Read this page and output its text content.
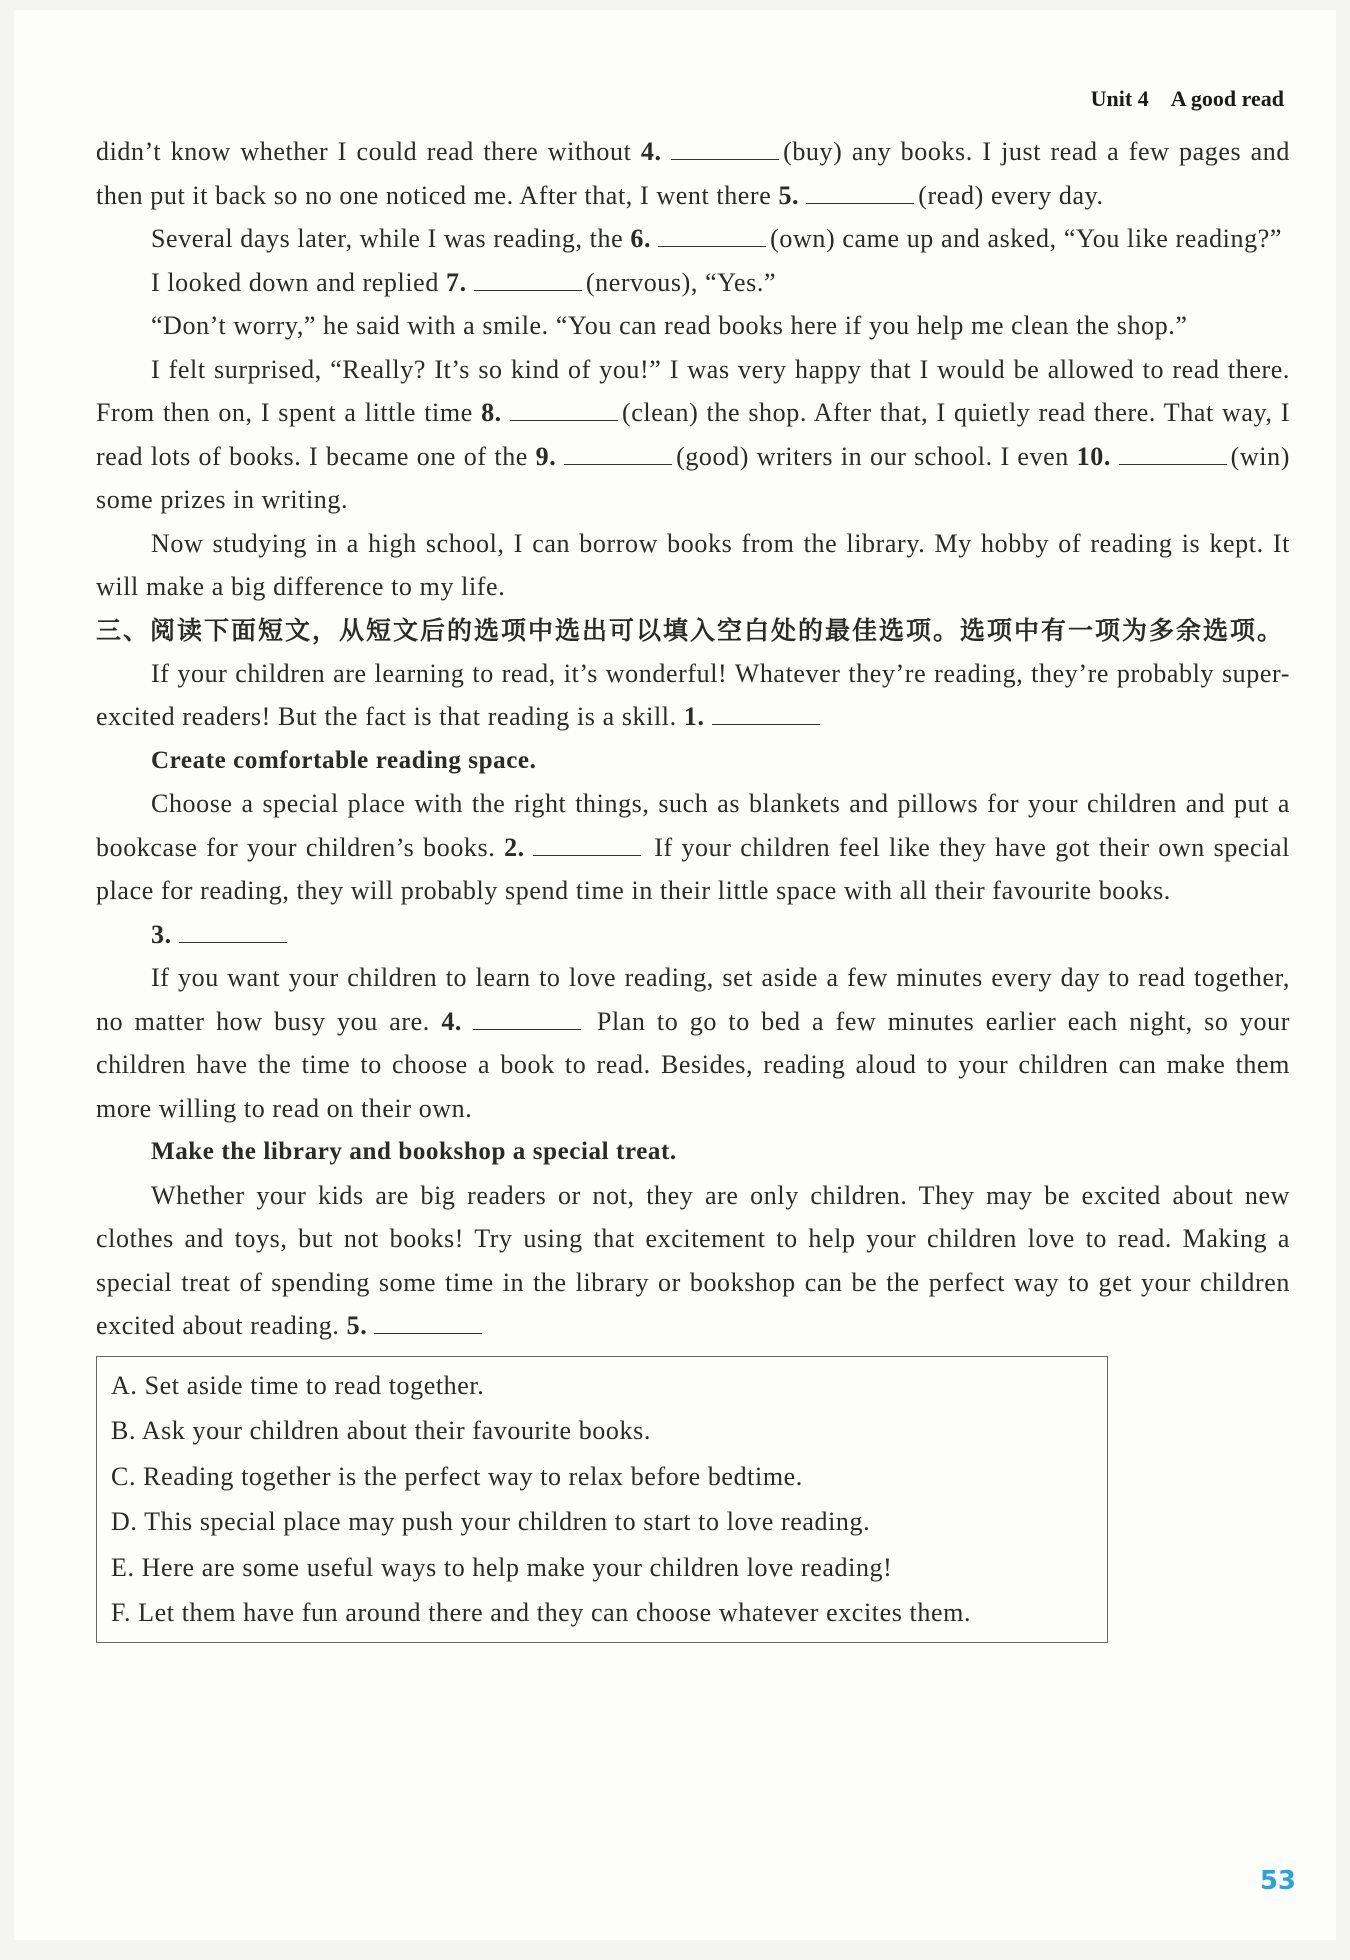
Unit 4　A good read

didn’t know whether I could read there without 4.	(buy) any books. I just read a few pages and then put it back so no one noticed me. After that, I went there 5.	(read) every day.

Several days later, while I was reading, the 6.	(own) came up and asked, “You like reading?”

I looked down and replied 7.	(nervous), “Yes.”

“Don’t worry,” he said with a smile. “You can read books here if you help me clean the shop.”

I felt surprised, “Really? It’s so kind of you!” I was very happy that I would be allowed to read there. From then on, I spent a little time 8.	(clean) the shop. After that, I quietly read there. That way, I read lots of books. I became one of the 9.	(good) writers in our school. I even 10.	(win) some prizes in writing.

Now studying in a high school, I can borrow books from the library. My hobby of reading is kept. It will make a big difference to my life.

三、阅读下面短文，从短文后的选项中选出可以填入空白处的最佳选项。选项中有一项为多余选项。

If your children are learning to read, it’s wonderful! Whatever they’re reading, they’re probably super-excited readers! But the fact is that reading is a skill. 1.

Create comfortable reading space.

Choose a special place with the right things, such as blankets and pillows for your children and put a bookcase for your children’s books. 2.	If your children feel like they have got their own special place for reading, they will probably spend time in their little space with all their favourite books.

3.

If you want your children to learn to love reading, set aside a few minutes every day to read together, no matter how busy you are. 4.	Plan to go to bed a few minutes earlier each night, so your children have the time to choose a book to read. Besides, reading aloud to your children can make them more willing to read on their own.

Make the library and bookshop a special treat.

Whether your kids are big readers or not, they are only children. They may be excited about new clothes and toys, but not books! Try using that excitement to help your children love to read. Making a special treat of spending some time in the library or bookshop can be the perfect way to get your children excited about reading. 5.

A. Set aside time to read together.

B. Ask your children about their favourite books.

C. Reading together is the perfect way to relax before bedtime.

D. This special place may push your children to start to love reading.

E. Here are some useful ways to help make your children love reading!

F. Let them have fun around there and they can choose whatever excites them.

53
